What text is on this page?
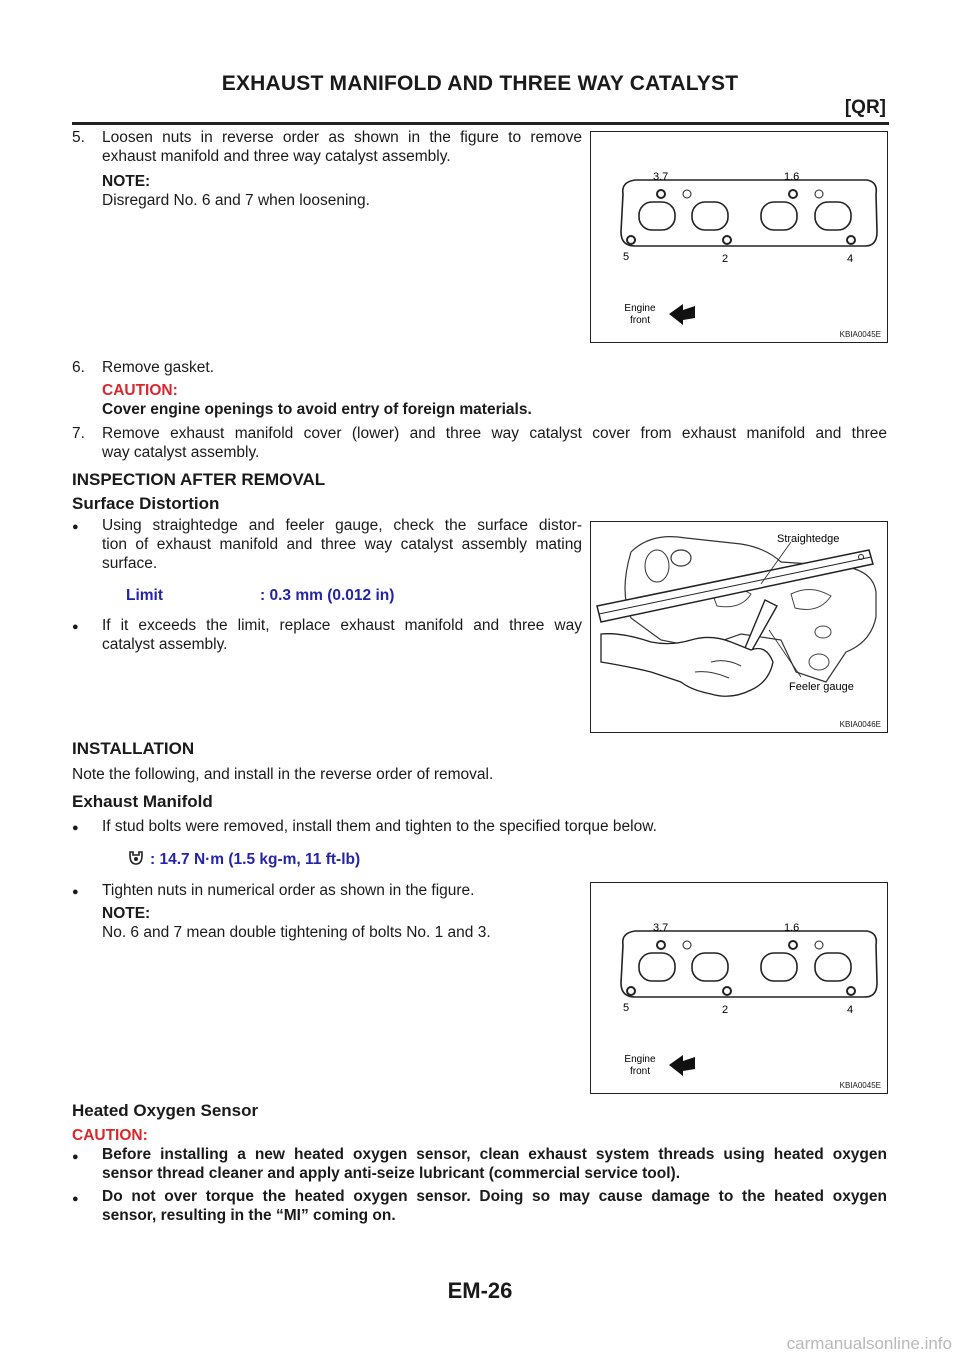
EXHAUST MANIFOLD AND THREE WAY CATALYST
[QR]
5. Loosen nuts in reverse order as shown in the figure to remove
exhaust manifold and three way catalyst assembly.
NOTE:
Disregard No. 6 and 7 when loosening.
3.7	1.6
5	2	4
Engine
front
KBIA0045E
6. Remove gasket.
CAUTION:
Cover engine openings to avoid entry of foreign materials.
7. Remove exhaust manifold cover (lower) and three way catalyst cover from exhaust manifold and three
way catalyst assembly.
INSPECTION AFTER REMOVAL
Surface Distortion
● Using straightedge and feeler gauge, check the surface distor-
tion of exhaust manifold and three way catalyst assembly mating
surface.
Limit	: 0.3 mm (0.012 in)
● If it exceeds the limit, replace exhaust manifold and three way
catalyst assembly.
Straightedge
Feeler gauge
KBIA0046E
INSTALLATION
Note the following, and install in the reverse order of removal.
Exhaust Manifold
● If stud bolts were removed, install them and tighten to the specified torque below.
: 14.7 N·m (1.5 kg-m, 11 ft-lb)
● Tighten nuts in numerical order as shown in the figure.
NOTE:
No. 6 and 7 mean double tightening of bolts No. 1 and 3.	3.7	1.6
5	2	4
Engine
front
KBIA0045E
Heated Oxygen Sensor
CAUTION:
● Before installing a new heated oxygen sensor, clean exhaust system threads using heated oxygen
sensor thread cleaner and apply anti-seize lubricant (commercial service tool).
● Do not over torque the heated oxygen sensor. Doing so may cause damage to the heated oxygen
sensor, resulting in the “MI” coming on.
EM-26
carmanualsonline.info
